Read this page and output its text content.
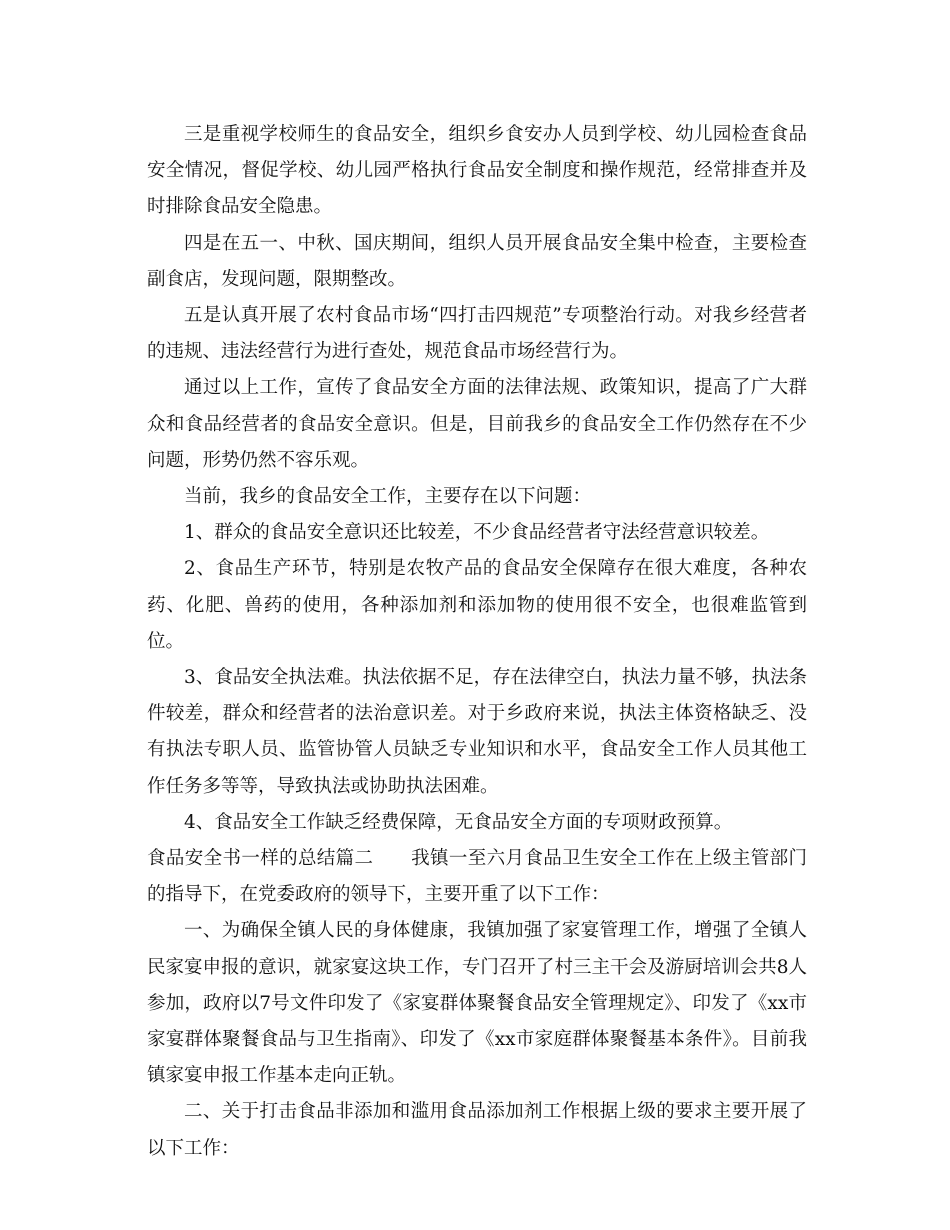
三是重视学校师生的食品安全，组织乡食安办人员到学校、幼儿园检查食品安全情况，督促学校、幼儿园严格执行食品安全制度和操作规范，经常排查并及时排除食品安全隐患。

四是在五一、中秋、国庆期间，组织人员开展食品安全集中检查，主要检查副食店，发现问题，限期整改。

五是认真开展了农村食品市场“四打击四规范”专项整治行动。对我乡经营者的违规、违法经营行为进行查处，规范食品市场经营行为。

通过以上工作，宣传了食品安全方面的法律法规、政策知识，提高了广大群众和食品经营者的食品安全意识。但是，目前我乡的食品安全工作仍然存在不少问题，形势仍然不容乐观。

当前，我乡的食品安全工作，主要存在以下问题：

1、群众的食品安全意识还比较差，不少食品经营者守法经营意识较差。

2、食品生产环节，特别是农牧产品的食品安全保障存在很大难度，各种农药、化肥、兽药的使用，各种添加剂和添加物的使用很不安全，也很难监管到位。

3、食品安全执法难。执法依据不足，存在法律空白，执法力量不够，执法条件较差，群众和经营者的法治意识差。对于乡政府来说，执法主体资格缺乏、没有执法专职人员、监管协管人员缺乏专业知识和水平，食品安全工作人员其他工作任务多等等，导致执法或协助执法困难。

4、食品安全工作缺乏经费保障，无食品安全方面的专项财政预算。

食品安全书一样的总结篇二　　我镇一至六月食品卫生安全工作在上级主管部门的指导下，在党委政府的领导下，主要开重了以下工作：

一、为确保全镇人民的身体健康，我镇加强了家宴管理工作，增强了全镇人民家宴申报的意识，就家宴这块工作，专门召开了村三主干会及游厨培训会共8人参加，政府以7号文件印发了《家宴群体聚餐食品安全管理规定》、印发了《xx市家宴群体聚餐食品与卫生指南》、印发了《xx市家庭群体聚餐基本条件》。目前我镇家宴申报工作基本走向正轨。

二、关于打击食品非添加和滥用食品添加剂工作根据上级的要求主要开展了以下工作：
